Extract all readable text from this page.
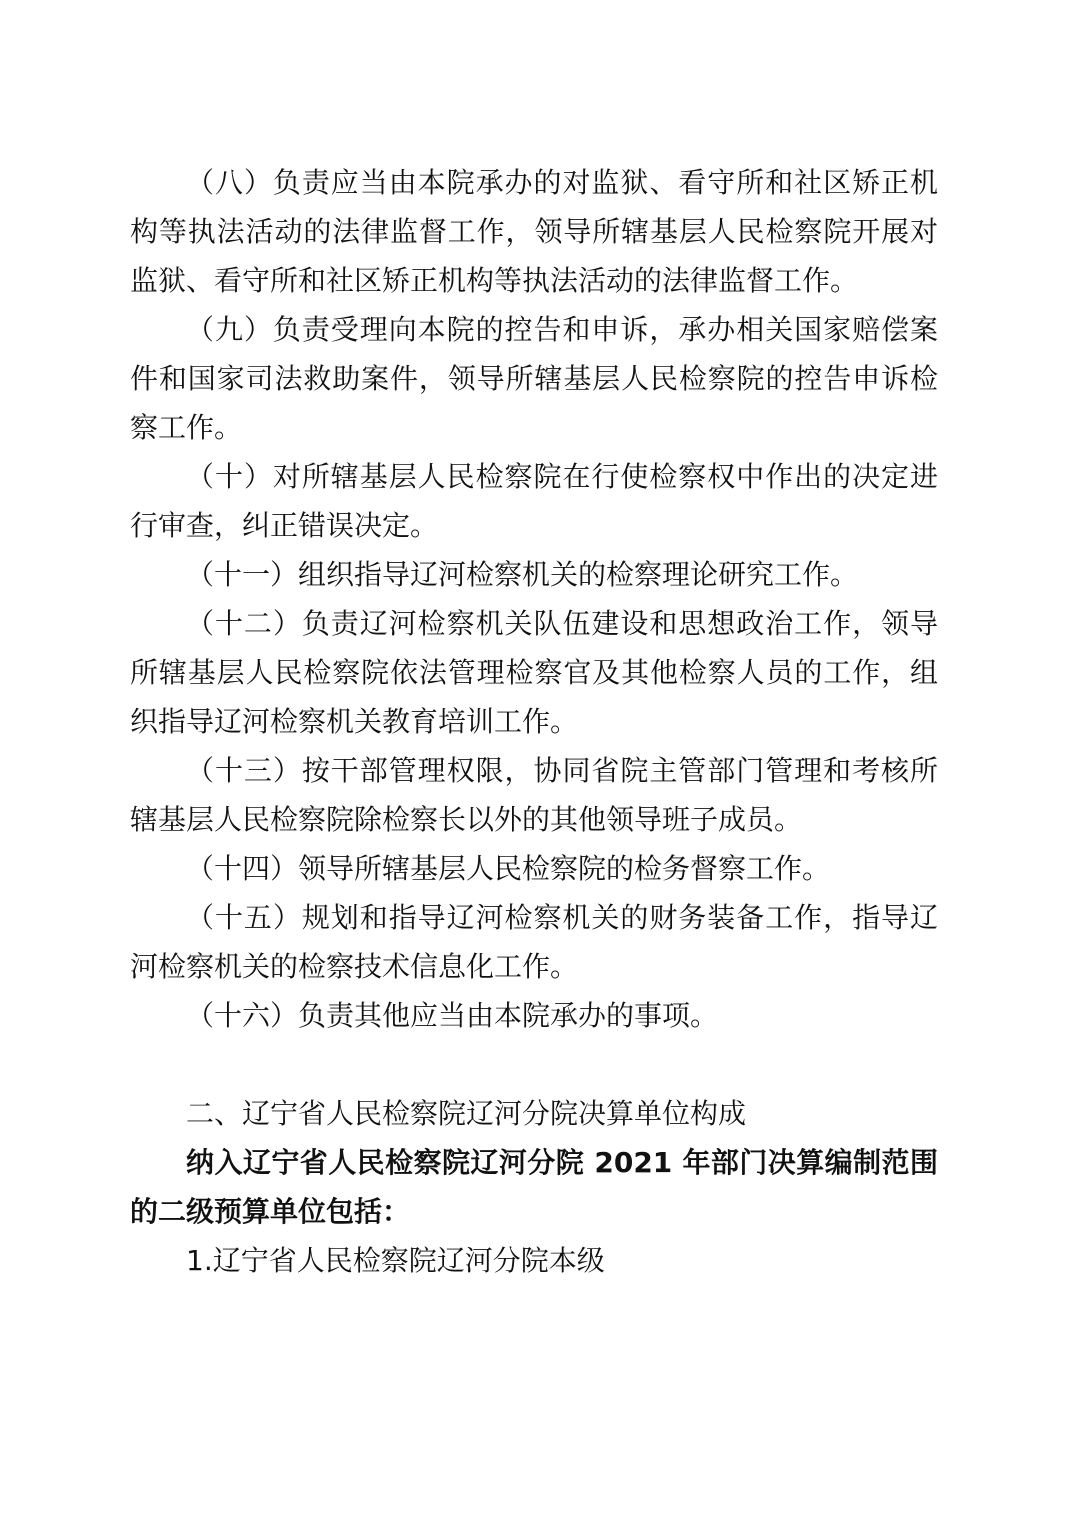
（八）负责应当由本院承办的对监狱、看守所和社区矫正机构等执法活动的法律监督工作，领导所辖基层人民检察院开展对监狱、看守所和社区矫正机构等执法活动的法律监督工作。

（九）负责受理向本院的控告和申诉，承办相关国家赔偿案件和国家司法救助案件，领导所辖基层人民检察院的控告申诉检察工作。

（十）对所辖基层人民检察院在行使检察权中作出的决定进行审查，纠正错误决定。

（十一）组织指导辽河检察机关的检察理论研究工作。

（十二）负责辽河检察机关队伍建设和思想政治工作，领导所辖基层人民检察院依法管理检察官及其他检察人员的工作，组织指导辽河检察机关教育培训工作。

（十三）按干部管理权限，协同省院主管部门管理和考核所辖基层人民检察院除检察长以外的其他领导班子成员。

（十四）领导所辖基层人民检察院的检务督察工作。

（十五）规划和指导辽河检察机关的财务装备工作，指导辽河检察机关的检察技术信息化工作。

（十六）负责其他应当由本院承办的事项。

二、辽宁省人民检察院辽河分院决算单位构成

纳入辽宁省人民检察院辽河分院 2021 年部门决算编制范围的二级预算单位包括：

1.辽宁省人民检察院辽河分院本级
